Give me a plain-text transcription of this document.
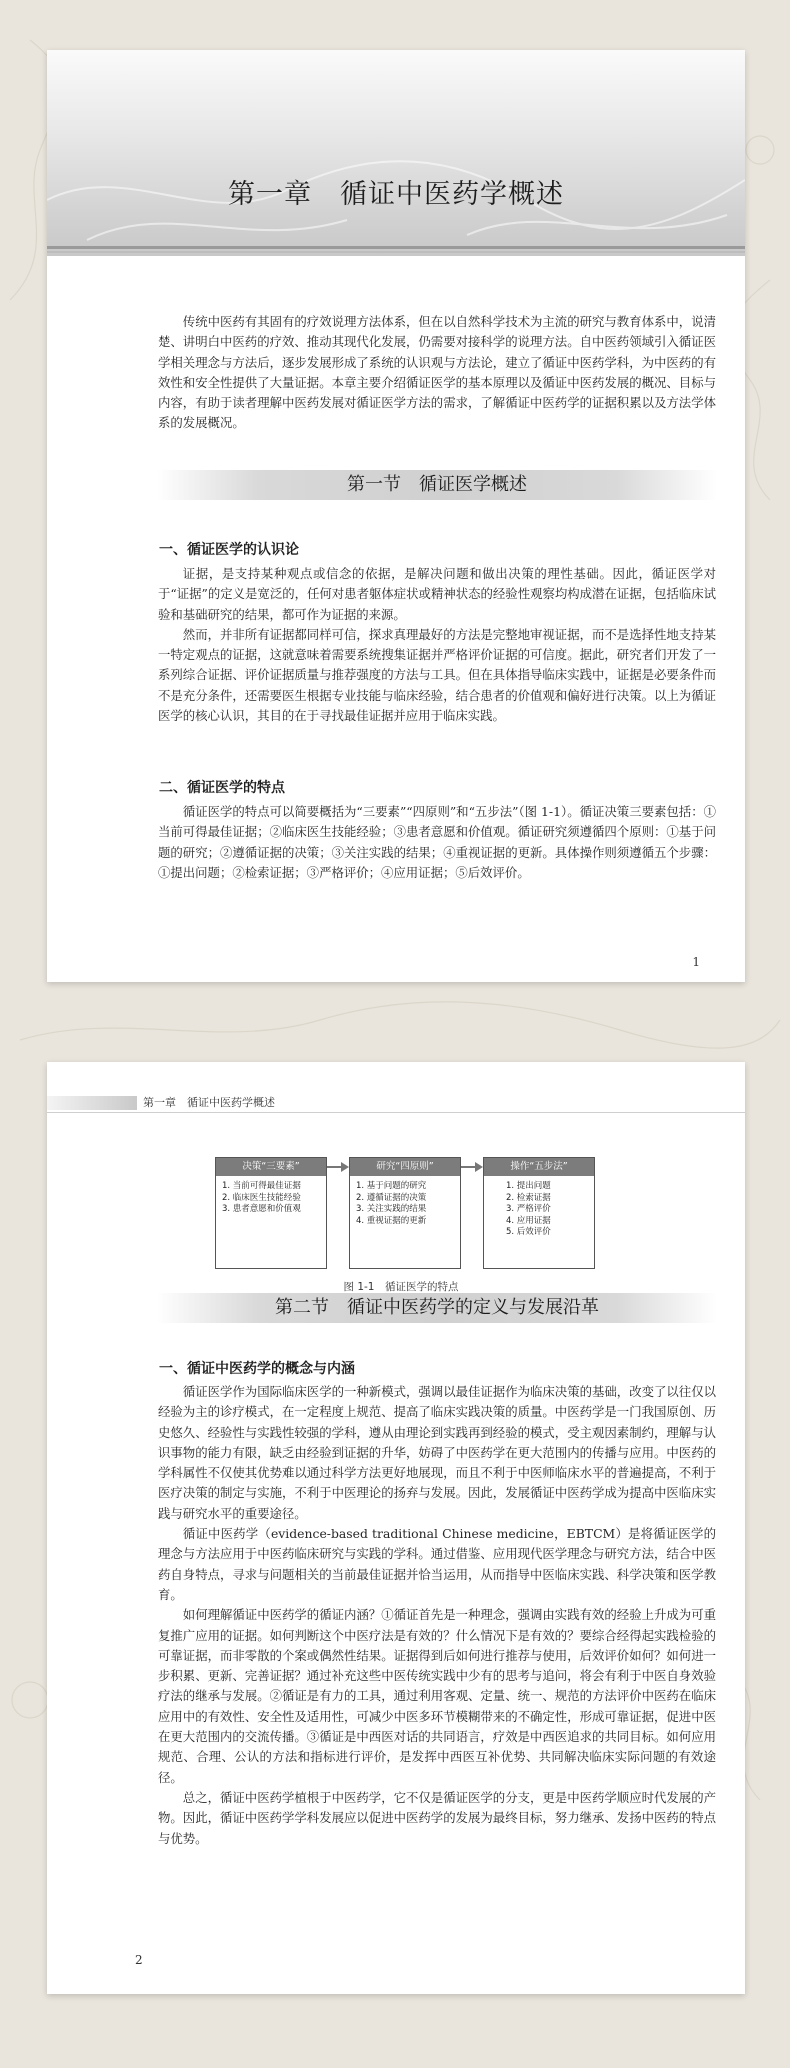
第一章　循证中医药学概述

传统中医药有其固有的疗效说理方法体系，但在以自然科学技术为主流的研究与教育体系中，说清楚、讲明白中医药的疗效、推动其现代化发展，仍需要对接科学的说理方法。自中医药领域引入循证医学相关理念与方法后，逐步发展形成了系统的认识观与方法论，建立了循证中医药学科，为中医药的有效性和安全性提供了大量证据。本章主要介绍循证医学的基本原理以及循证中医药发展的概况、目标与内容，有助于读者理解中医药发展对循证医学方法的需求，了解循证中医药学的证据积累以及方法学体系的发展概况。

第一节　循证医学概述
一、循证医学的认识论

证据，是支持某种观点或信念的依据，是解决问题和做出决策的理性基础。因此，循证医学对于“证据”的定义是宽泛的，任何对患者躯体症状或精神状态的经验性观察均构成潜在证据，包括临床试验和基础研究的结果，都可作为证据的来源。

然而，并非所有证据都同样可信，探求真理最好的方法是完整地审视证据，而不是选择性地支持某一特定观点的证据，这就意味着需要系统搜集证据并严格评价证据的可信度。据此，研究者们开发了一系列综合证据、评价证据质量与推荐强度的方法与工具。但在具体指导临床实践中，证据是必要条件而不是充分条件，还需要医生根据专业技能与临床经验，结合患者的价值观和偏好进行决策。以上为循证医学的核心认识，其目的在于寻找最佳证据并应用于临床实践。

二、循证医学的特点

循证医学的特点可以简要概括为“三要素”“四原则”和“五步法”（图 1-1）。循证决策三要素包括：①当前可得最佳证据；②临床医生技能经验；③患者意愿和价值观。循证研究须遵循四个原则：①基于问题的研究；②遵循证据的决策；③关注实践的结果；④重视证据的更新。具体操作则须遵循五个步骤：①提出问题；②检索证据；③严格评价；④应用证据；⑤后效评价。

1
第一章　循证中医药学概述
决策“三要素”
1. 当前可得最佳证据
2. 临床医生技能经验
3. 患者意愿和价值观
研究“四原则”
1. 基于问题的研究
2. 遵循证据的决策
3. 关注实践的结果
4. 重视证据的更新
操作“五步法”
1. 提出问题
2. 检索证据
3. 严格评价
4. 应用证据
5. 后效评价
图 1-1　循证医学的特点
第二节　循证中医药学的定义与发展沿革
一、循证中医药学的概念与内涵

循证医学作为国际临床医学的一种新模式，强调以最佳证据作为临床决策的基础，改变了以往仅以经验为主的诊疗模式，在一定程度上规范、提高了临床实践决策的质量。中医药学是一门我国原创、历史悠久、经验性与实践性较强的学科，遵从由理论到实践再到经验的模式，受主观因素制约，理解与认识事物的能力有限，缺乏由经验到证据的升华，妨碍了中医药学在更大范围内的传播与应用。中医药的学科属性不仅使其优势难以通过科学方法更好地展现，而且不利于中医师临床水平的普遍提高，不利于医疗决策的制定与实施，不利于中医理论的扬弃与发展。因此，发展循证中医药学成为提高中医临床实践与研究水平的重要途径。

循证中医药学（evidence-based traditional Chinese medicine，EBTCM）是将循证医学的理念与方法应用于中医药临床研究与实践的学科。通过借鉴、应用现代医学理念与研究方法，结合中医药自身特点，寻求与问题相关的当前最佳证据并恰当运用，从而指导中医临床实践、科学决策和医学教育。

如何理解循证中医药学的循证内涵？①循证首先是一种理念，强调由实践有效的经验上升成为可重复推广应用的证据。如何判断这个中医疗法是有效的？什么情况下是有效的？要综合经得起实践检验的可靠证据，而非零散的个案或偶然性结果。证据得到后如何进行推荐与使用，后效评价如何？如何进一步积累、更新、完善证据？通过补充这些中医传统实践中少有的思考与追问，将会有利于中医自身效验疗法的继承与发展。②循证是有力的工具，通过利用客观、定量、统一、规范的方法评价中医药在临床应用中的有效性、安全性及适用性，可减少中医多环节模糊带来的不确定性，形成可靠证据，促进中医在更大范围内的交流传播。③循证是中西医对话的共同语言，疗效是中西医追求的共同目标。如何应用规范、合理、公认的方法和指标进行评价，是发挥中西医互补优势、共同解决临床实际问题的有效途径。

总之，循证中医药学植根于中医药学，它不仅是循证医学的分支，更是中医药学顺应时代发展的产物。因此，循证中医药学学科发展应以促进中医药学的发展为最终目标，努力继承、发扬中医药的特点与优势。

2
